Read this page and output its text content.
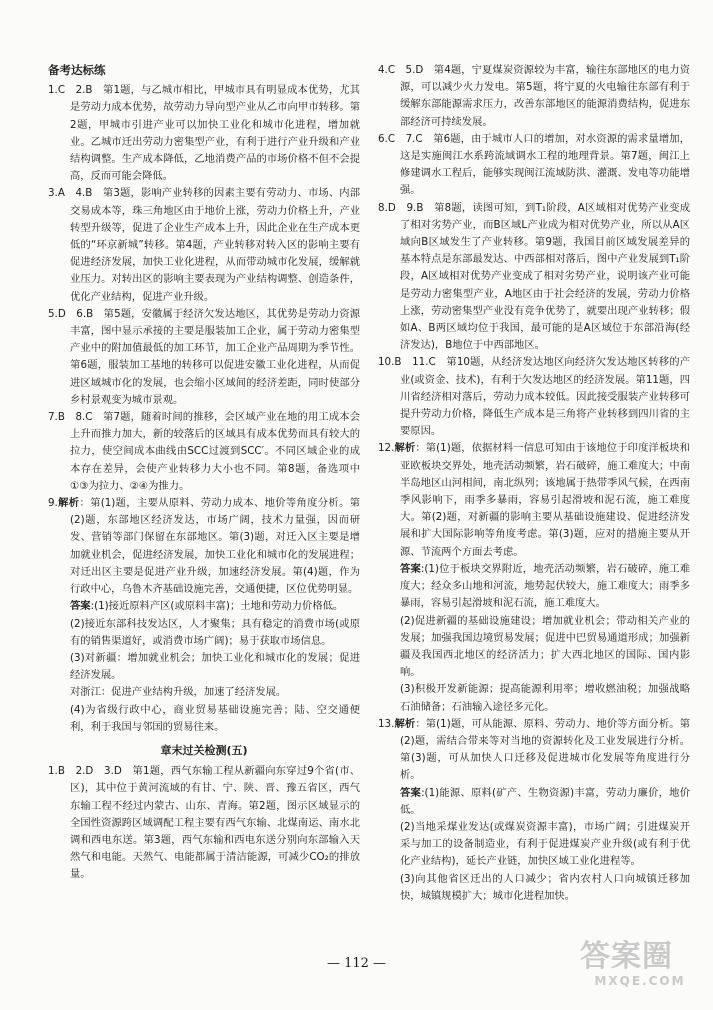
备考达标练

1.C　2.B　第1题，与乙城市相比，甲城市具有明显成本优势，尤其是劳动力成本优势，故劳动力导向型产业从乙市向甲市转移。第2题，甲城市引进产业可以加快工业化和城市化进程，增加就业。乙城市迁出劳动力密集型产业，有利于进行产业升级和产业结构调整。生产成本降低，乙地消费产品的市场价格不但不会提高，反而可能会降低。

3.A　4.B　第3题，影响产业转移的因素主要有劳动力、市场、内部交易成本等，珠三角地区由于地价上涨，劳动力价格上升，产业转型升级等，促进了企业生产成本上升，因此企业在生产成本更低的“环京新城”转移。第4题，产业转移对转入区的影响主要有促进经济发展，加快工业化进程，从而带动城市化发展，缓解就业压力。对转出区的影响主要表现为产业结构调整、创造条件，优化产业结构，促进产业升级。

5.D　6.B　第5题，安徽属于经济欠发达地区，其优势是劳动力资源丰富，图中显示承接的主要是服装加工企业，属于劳动力密集型产业中的附加值最低的加工环节，加工企业产品周期为季节性。第6题，服装加工基地的转移可以促进安徽工业化进程，从而促进区域城市化的发展，也会缩小区域间的经济差距，同时使部分乡村景观变为城市景观。

7.B　8.C　第7题，随着时间的推移，会区域产业在地的用工成本会上升而推力加大，新的较落后的区域具有成本优势而具有较大的拉力，使空间成本曲线由SCC过渡到SCC′。不同区域企业的成本存在差异，会使产业转移力大小也不同。第8题，备选项中①③为拉力、②④为推力。

9.解析：第(1)题，主要从原料、劳动力成本、地价等角度分析。第(2)题，东部地区经济发达，市场广阔，技术力量强，因而研发、营销等部门保留在东部地区。第(3)题，对迁入区主要是增加就业机会，促进经济发展，加快工业化和城市化的发展进程；对迁出区主要是促进产业升级，加速经济发展。第(4)题，作为行政中心，乌鲁木齐基础设施完善，交通便捷，区位优势明显。

答案:(1)接近原料产区(或原料丰富)；土地和劳动力价格低。

(2)接近东部科技发达区，人才聚集；具有稳定的消费市场(或原有的销售渠道好，或消费市场广阔)；易于获取市场信息。

(3)对新疆：增加就业机会；加快工业化和城市化的发展；促进经济发展。

对浙江：促进产业结构升级，加速了经济发展。

(4)为省级行政中心，商业贸易基础设施完善；陆、空交通便利，利于我国与邻国的贸易往来。

章末过关检测(五)

1.B　2.D　3.D　第1题，西气东输工程从新疆向东穿过9个省(市、区)，其中位于黄河流域的有甘、宁、陕、晋、豫五省区，西气东输工程不经过内蒙古、山东、青海。第2题，图示区域显示的全国性资源跨区域调配工程主要有西气东输、北煤南运、南水北调和西电东送。第3题，西气东输和西电东送分别向东部输入天然气和电能。天然气、电能都属于清洁能源，可减少CO₂的排放量。

4.C　5.D　第4题，宁夏煤炭资源较为丰富，输往东部地区的电力资源，可以减少火力发电。第5题，将宁夏的火电输往东部有利于缓解东部能源需求压力，改善东部地区的能源消费结构，促进东部经济可持续发展。

6.C　7.C　第6题，由于城市人口的增加，对水资源的需求量增加，这是实施闽江水系跨流域调水工程的地理背景。第7题，闽江上修建调水工程后，能够实现闽江流域防洪、灌溉、发电等功能增强。

8.D　9.B　第8题，读图可知，到T₁阶段，A区域相对优势产业变成了相对劣势产业，而B区域L产业成为相对优势产业，所以从A区域向B区域发生了产业转移。第9题，我国目前区域发展差异的基本特点是东部最发达、中西部相对落后，图中产业发展到T₁阶段，A区域相对优势产业变成了相对劣势产业，说明该产业可能是劳动力密集型产业，A地区由于社会经济的发展，劳动力价格上涨，劳动密集型产业没有竞争优势了，就要出现产业转移；假如A、B两区域均位于我国，最可能的是A区域位于东部沿海(经济发达)，B地位于中西部地区。

10.B　11.C　第10题，从经济发达地区向经济欠发达地区转移的产业(或资金、技术)，有利于欠发达地区的经济发展。第11题，四川省经济相对落后，劳动力成本较低。因此接受服装产业转移可提升劳动力价格，降低生产成本是三角将产业转移到四川省的主要原因。

12.解析：第(1)题，依据材料一信息可知由于该地位于印度洋板块和亚欧板块交界处，地壳活动频繁，岩石破碎，施工难度大；中南半岛地区山河相间，南北纵列；该地属于热带季风气候，在西南季风影响下，雨季多暴雨，容易引起滑坡和泥石流，施工难度大。第(2)题，对新疆的影响主要从基础设施建设、促进经济发展和扩大国际影响等角度考虑。第(3)题，应对的措施主要从开源、节流两个方面去考虑。

答案:(1)位于板块交界附近，地壳活动频繁，岩石破碎，施工难度大；经众多山地和河流，地势起伏较大，施工难度大；雨季多暴雨，容易引起滑坡和泥石流，施工难度大。

(2)促进新疆的基础设施建设；增加就业机会；带动相关产业的发展；加强我国边境贸易发展；促进中巴贸易通道形成；加强新疆及我国西北地区的经济活力；扩大西北地区的国际、国内影响。

(3)积极开发新能源；提高能源利用率；增收燃油税；加强战略石油储备；石油输入途径多元化。

13.解析：第(1)题，可从能源、原料、劳动力、地价等方面分析。第(2)题，需结合带来等对当地的资源转化及工业发展进行分析。第(3)题，可从加快人口迁移及促进城市化发展等角度进行分析。

答案:(1)能源、原料(矿产、生物资源)丰富，劳动力廉价，地价低。

(2)当地采煤业发达(或煤炭资源丰富)，市场广阔；引进煤炭开采与加工的设备制造业，有利于促进煤炭产业升级(或有利于优化产业结构)，延长产业链，加快区域工业化进程等。

(3)向其他省区迁出的人口减少；省内农村人口向城镇迁移加快，城镇规模扩大；城市化进程加快。

— 112 —	答案圈
MXQE.COM
